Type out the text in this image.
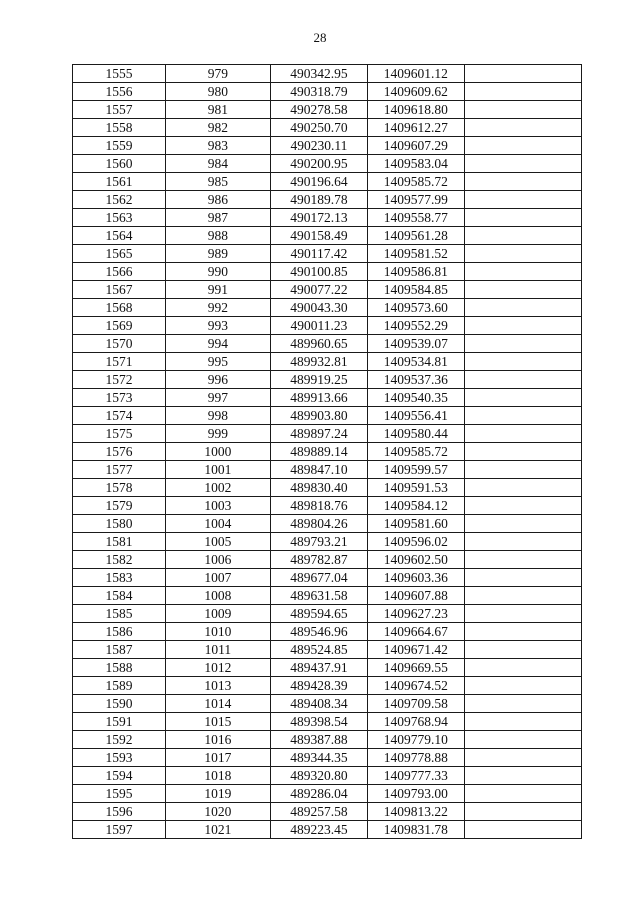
28
1555	979	490342.95	1409601.12	
1556	980	490318.79	1409609.62	
1557	981	490278.58	1409618.80	
1558	982	490250.70	1409612.27	
1559	983	490230.11	1409607.29	
1560	984	490200.95	1409583.04	
1561	985	490196.64	1409585.72	
1562	986	490189.78	1409577.99	
1563	987	490172.13	1409558.77	
1564	988	490158.49	1409561.28	
1565	989	490117.42	1409581.52	
1566	990	490100.85	1409586.81	
1567	991	490077.22	1409584.85	
1568	992	490043.30	1409573.60	
1569	993	490011.23	1409552.29	
1570	994	489960.65	1409539.07	
1571	995	489932.81	1409534.81	
1572	996	489919.25	1409537.36	
1573	997	489913.66	1409540.35	
1574	998	489903.80	1409556.41	
1575	999	489897.24	1409580.44	
1576	1000	489889.14	1409585.72	
1577	1001	489847.10	1409599.57	
1578	1002	489830.40	1409591.53	
1579	1003	489818.76	1409584.12	
1580	1004	489804.26	1409581.60	
1581	1005	489793.21	1409596.02	
1582	1006	489782.87	1409602.50	
1583	1007	489677.04	1409603.36	
1584	1008	489631.58	1409607.88	
1585	1009	489594.65	1409627.23	
1586	1010	489546.96	1409664.67	
1587	1011	489524.85	1409671.42	
1588	1012	489437.91	1409669.55	
1589	1013	489428.39	1409674.52	
1590	1014	489408.34	1409709.58	
1591	1015	489398.54	1409768.94	
1592	1016	489387.88	1409779.10	
1593	1017	489344.35	1409778.88	
1594	1018	489320.80	1409777.33	
1595	1019	489286.04	1409793.00	
1596	1020	489257.58	1409813.22	
1597	1021	489223.45	1409831.78	
